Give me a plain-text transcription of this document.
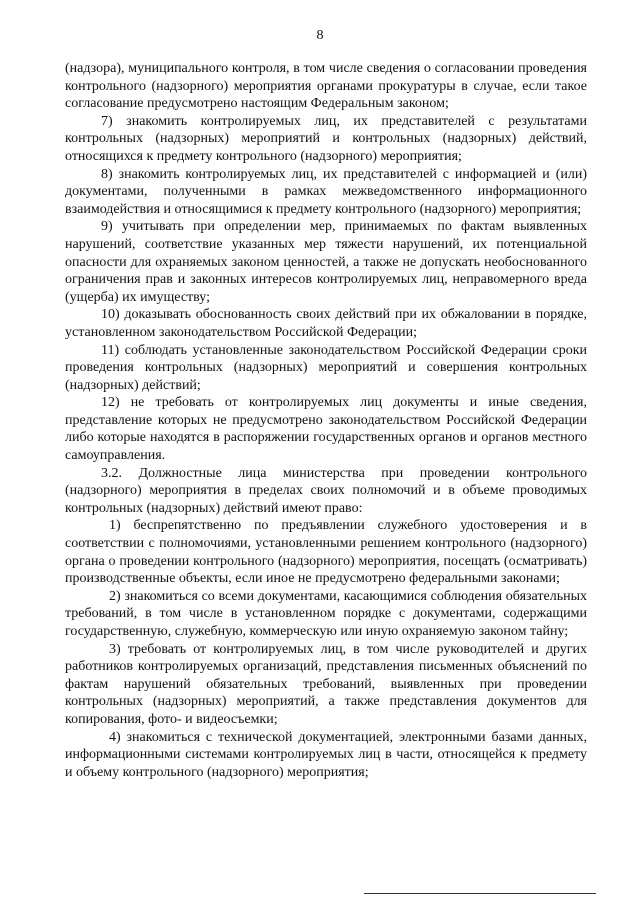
8

(надзора), муниципального контроля, в том числе сведения о согласовании проведения контрольного (надзорного) мероприятия органами прокуратуры в случае, если такое согласование предусмотрено настоящим Федеральным законом;

7) знакомить контролируемых лиц, их представителей с результатами контрольных (надзорных) мероприятий и контрольных (надзорных) действий, относящихся к предмету контрольного (надзорного) мероприятия;

8) знакомить контролируемых лиц, их представителей с информацией и (или) документами, полученными в рамках межведомственного информационного взаимодействия и относящимися к предмету контрольного (надзорного) мероприятия;

9) учитывать при определении мер, принимаемых по фактам выявленных нарушений, соответствие указанных мер тяжести нарушений, их потенциальной опасности для охраняемых законом ценностей, а также не допускать необоснованного ограничения прав и законных интересов контролируемых лиц, неправомерного вреда (ущерба) их имуществу;

10) доказывать обоснованность своих действий при их обжаловании в порядке, установленном законодательством Российской Федерации;

11) соблюдать установленные законодательством Российской Федерации сроки проведения контрольных (надзорных) мероприятий и совершения контрольных (надзорных) действий;

12) не требовать от контролируемых лиц документы и иные сведения, представление которых не предусмотрено законодательством Российской Федерации либо которые находятся в распоряжении государственных органов и органов местного самоуправления.

3.2. Должностные лица министерства при проведении контрольного (надзорного) мероприятия в пределах своих полномочий и в объеме проводимых контрольных (надзорных) действий имеют право:

1) беспрепятственно по предъявлении служебного удостоверения и в соответствии с полномочиями, установленными решением контрольного (надзорного) органа о проведении контрольного (надзорного) мероприятия, посещать (осматривать) производственные объекты, если иное не предусмотрено федеральными законами;

2) знакомиться со всеми документами, касающимися соблюдения обязательных требований, в том числе в установленном порядке с документами, содержащими государственную, служебную, коммерческую или иную охраняемую законом тайну;

3) требовать от контролируемых лиц, в том числе руководителей и других работников контролируемых организаций, представления письменных объяснений по фактам нарушений обязательных требований, выявленных при проведении контрольных (надзорных) мероприятий, а также представления документов для копирования, фото- и видеосъемки;

4) знакомиться с технической документацией, электронными базами данных, информационными системами контролируемых лиц в части, относящейся к предмету и объему контрольного (надзорного) мероприятия;
